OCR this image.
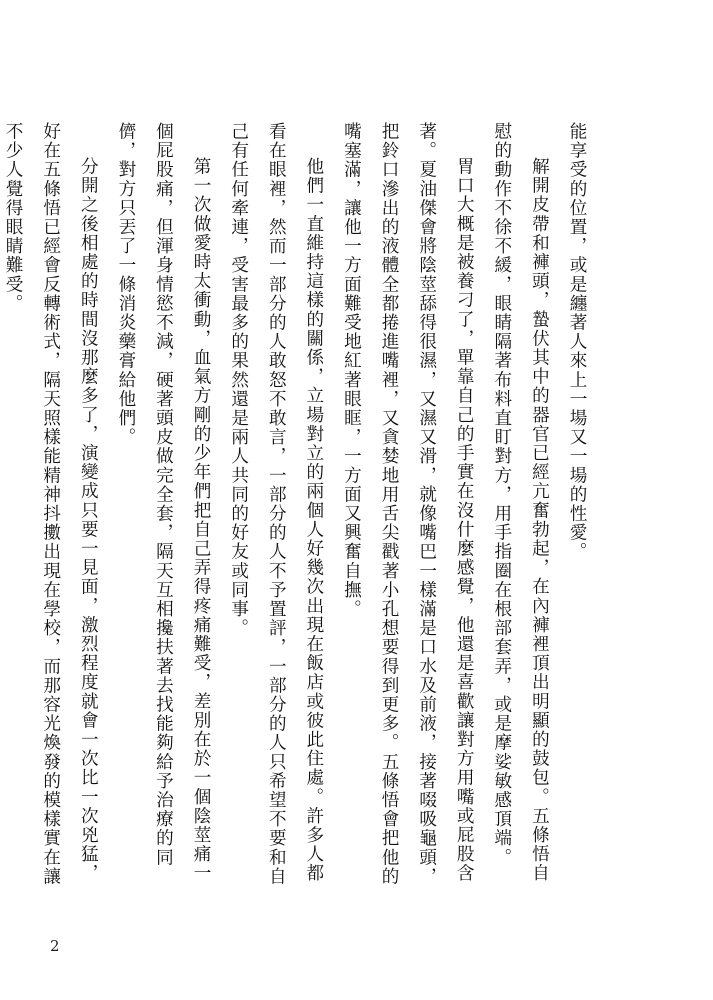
能享受的位置，或是纏著人來上一場又一場的性愛。

解開皮帶和褲頭，蟄伏其中的器官已經亢奮勃起，在內褲裡頂出明顯的鼓包。五條悟自慰的動作不徐不緩，眼睛隔著布料直盯對方，用手指圈在根部套弄，或是摩娑敏感頂端。

胃口大概是被養刁了，單靠自己的手實在沒什麼感覺，他還是喜歡讓對方用嘴或屁股含著。夏油傑會將陰莖舔得很濕，又濕又滑，就像嘴巴一樣滿是口水及前液，接著啜吸龜頭，把鈴口滲出的液體全都捲進嘴裡，又貪婪地用舌尖戳著小孔想要得到更多。五條悟會把他的嘴塞滿，讓他一方面難受地紅著眼眶，一方面又興奮自撫。

他們一直維持這樣的關係，立場對立的兩個人好幾次出現在飯店或彼此住處。許多人都看在眼裡，然而一部分的人敢怒不敢言，一部分的人不予置評，一部分的人只希望不要和自己有任何牽連，受害最多的果然還是兩人共同的好友或同事。

第一次做愛時太衝動，血氣方剛的少年們把自己弄得疼痛難受，差別在於一個陰莖痛一個屁股痛，但渾身情慾不減，硬著頭皮做完全套，隔天互相攙扶著去找能夠給予治療的同儕，對方只丟了一條消炎藥膏給他們。

分開之後相處的時間沒那麼多了，演變成只要一見面，激烈程度就會一次比一次兇猛，好在五條悟已經會反轉術式，隔天照樣能精神抖擻出現在學校，而那容光煥發的模樣實在讓不少人覺得眼睛難受。

2
